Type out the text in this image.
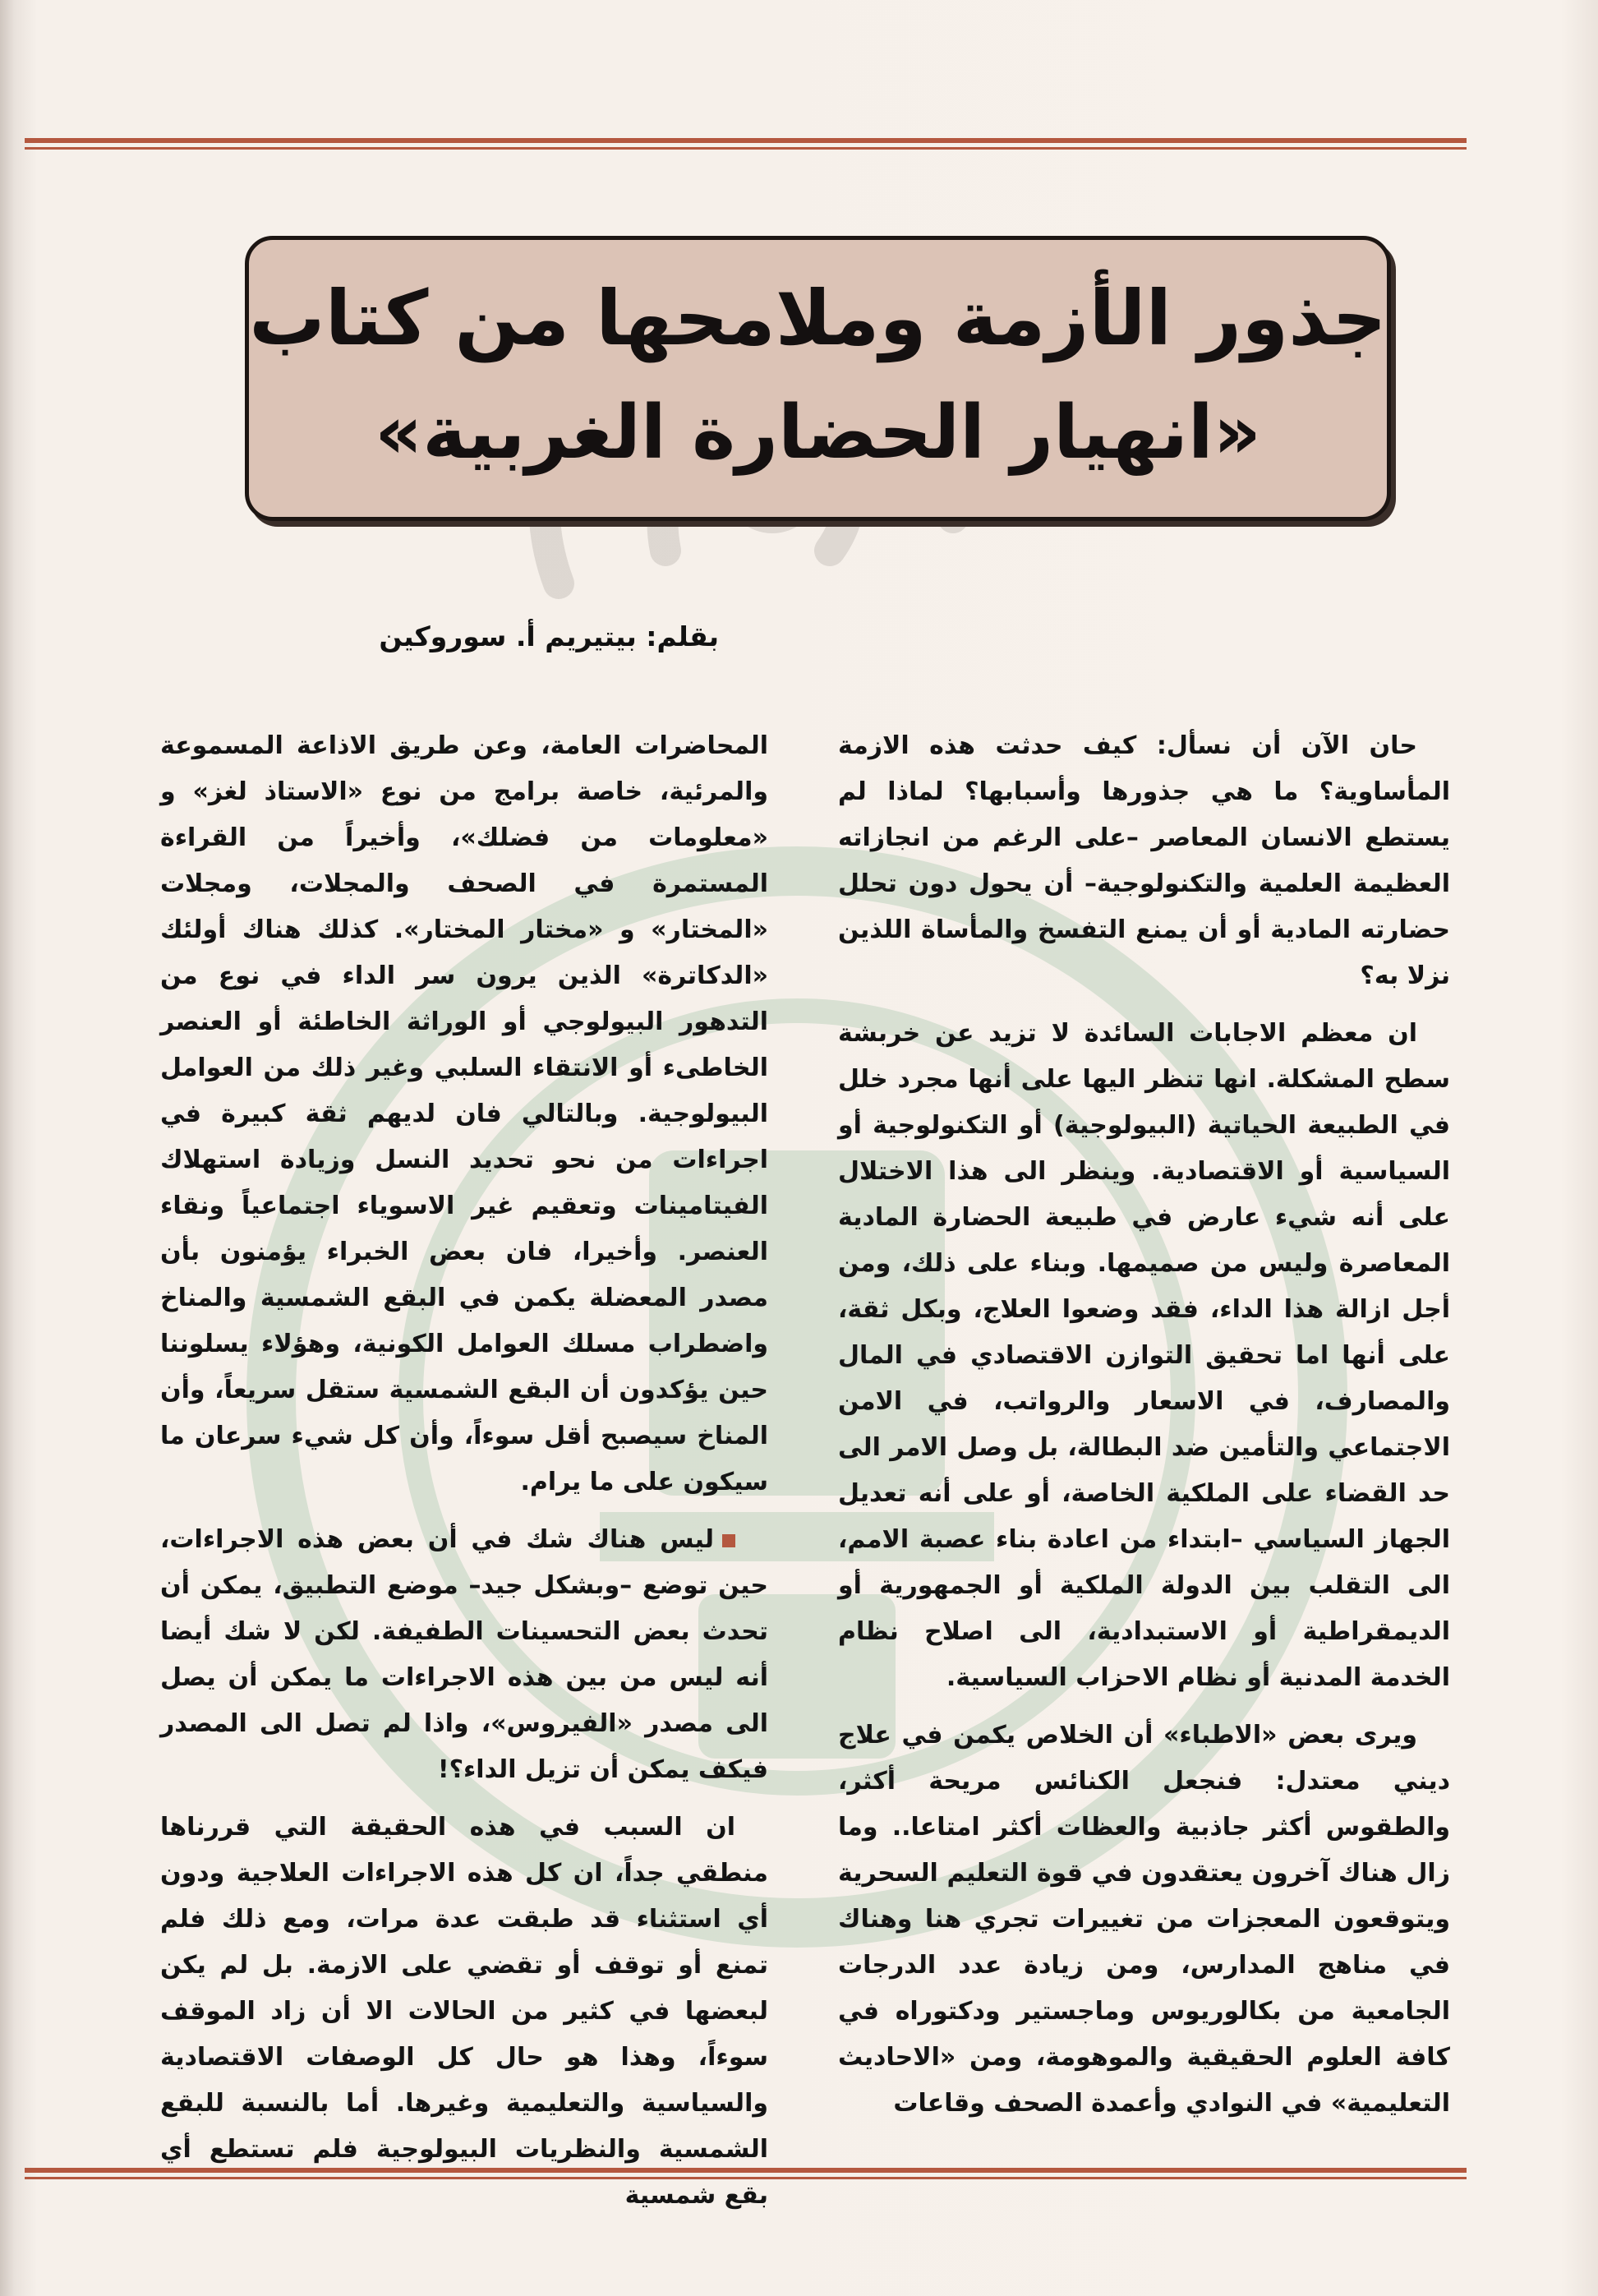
جذور الأزمة وملامحها من كتاب
«انهيار الحضارة الغربية»
بقلم: بيتيريم أ. سوروكين

حان الآن أن نسأل: كيف حدثت هذه الازمة المأساوية؟ ما هي جذورها وأسبابها؟ لماذا لم يستطع الانسان المعاصر –على الرغم من انجازاته العظيمة العلمية والتكنولوجية– أن يحول دون تحلل حضارته المادية أو أن يمنع التفسخ والمأساة اللذين نزلا به؟

ان معظم الاجابات السائدة لا تزيد عن خربشة سطح المشكلة. انها تنظر اليها على أنها مجرد خلل في الطبيعة الحياتية (البيولوجية) أو التكنولوجية أو السياسية أو الاقتصادية. وينظر الى هذا الاختلال على أنه شيء عارض في طبيعة الحضارة المادية المعاصرة وليس من صميمها. وبناء على ذلك، ومن أجل ازالة هذا الداء، فقد وضعوا العلاج، وبكل ثقة، على أنها اما تحقيق التوازن الاقتصادي في المال والمصارف، في الاسعار والرواتب، في الامن الاجتماعي والتأمين ضد البطالة، بل وصل الامر الى حد القضاء على الملكية الخاصة، أو على أنه تعديل الجهاز السياسي –ابتداء من اعادة بناء عصبة الامم، الى التقلب بين الدولة الملكية أو الجمهورية أو الديمقراطية أو الاستبدادية، الى اصلاح نظام الخدمة المدنية أو نظام الاحزاب السياسية.

ويرى بعض «الاطباء» أن الخلاص يكمن في علاج ديني معتدل: فنجعل الكنائس مريحة أكثر، والطقوس أكثر جاذبية والعظات أكثر امتاعا.. وما زال هناك آخرون يعتقدون في قوة التعليم السحرية ويتوقعون المعجزات من تغييرات تجري هنا وهناك في مناهج المدارس، ومن زيادة عدد الدرجات الجامعية من بكالوريوس وماجستير ودكتوراه في كافة العلوم الحقيقية والموهومة، ومن «الاحاديث التعليمية» في النوادي وأعمدة الصحف وقاعات

المحاضرات العامة، وعن طريق الاذاعة المسموعة والمرئية، خاصة برامج من نوع «الاستاذ لغز» و «معلومات من فضلك»، وأخيراً من القراءة المستمرة في الصحف والمجلات، ومجلات «المختار» و «مختار المختار». كذلك هناك أولئك «الدكاترة» الذين يرون سر الداء في نوع من التدهور البيولوجي أو الوراثة الخاطئة أو العنصر الخاطىء أو الانتقاء السلبي وغير ذلك من العوامل البيولوجية. وبالتالي فان لديهم ثقة كبيرة في اجراءات من نحو تحديد النسل وزيادة استهلاك الفيتامينات وتعقيم غير الاسوياء اجتماعياً ونقاء العنصر. وأخيرا، فان بعض الخبراء يؤمنون بأن مصدر المعضلة يكمن في البقع الشمسية والمناخ واضطراب مسلك العوامل الكونية، وهؤلاء يسلوننا حين يؤكدون أن البقع الشمسية ستقل سريعاً، وأن المناخ سيصبح أقل سوءاً، وأن كل شيء سرعان ما سيكون على ما يرام.

ليس هناك شك في أن بعض هذه الاجراءات، حين توضع –وبشكل جيد– موضع التطبيق، يمكن أن تحدث بعض التحسينات الطفيفة. لكن لا شك أيضا أنه ليس من بين هذه الاجراءات ما يمكن أن يصل الى مصدر «الفيروس»، واذا لم تصل الى المصدر فيكف يمكن أن تزيل الداء؟!

ان السبب في هذه الحقيقة التي قررناها منطقي جداً، ان كل هذه الاجراءات العلاجية ودون أي استثناء قد طبقت عدة مرات، ومع ذلك فلم تمنع أو توقف أو تقضي على الازمة. بل لم يكن لبعضها في كثير من الحالات الا أن زاد الموقف سوءاً، وهذا هو حال كل الوصفات الاقتصادية والسياسية والتعليمية وغيرها. أما بالنسبة للبقع الشمسية والنظريات البيولوجية فلم تستطع أي بقع شمسية
